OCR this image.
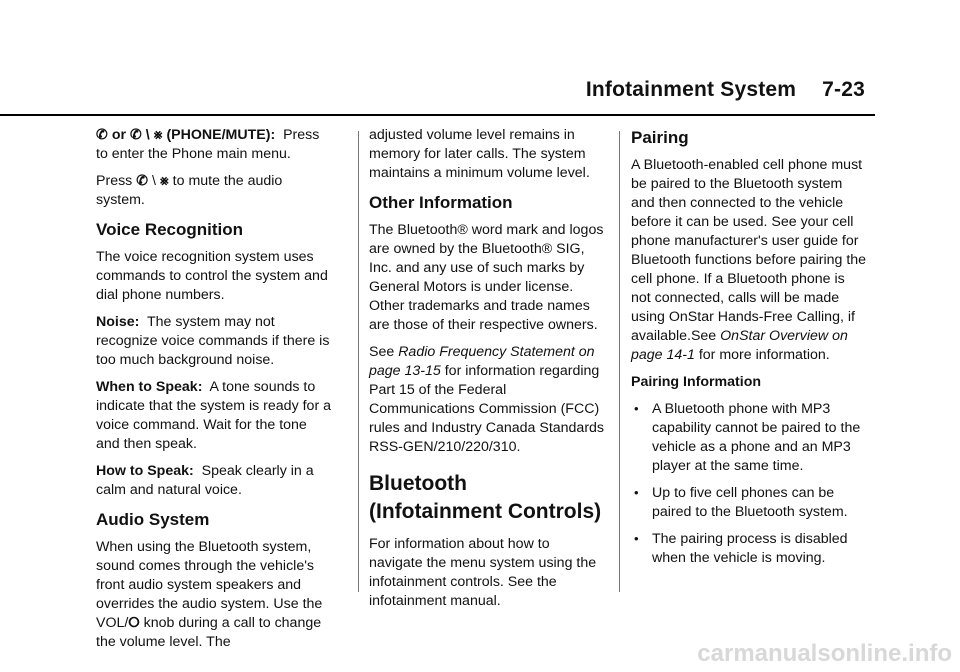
Infotainment System 7-23

✆ or ✆ \ ⨳ (PHONE/MUTE): Press to enter the Phone main menu.

Press ✆ \ ⨳ to mute the audio system.

Voice Recognition

The voice recognition system uses commands to control the system and dial phone numbers.

Noise: The system may not recognize voice commands if there is too much background noise.

When to Speak: A tone sounds to indicate that the system is ready for a voice command. Wait for the tone and then speak.

How to Speak: Speak clearly in a calm and natural voice.

Audio System

When using the Bluetooth system, sound comes through the vehicle's front audio system speakers and overrides the audio system. Use the VOL/⭘ knob during a call to change the volume level. The

adjusted volume level remains in memory for later calls. The system maintains a minimum volume level.

Other Information

The Bluetooth® word mark and logos are owned by the Bluetooth® SIG, Inc. and any use of such marks by General Motors is under license. Other trademarks and trade names are those of their respective owners.

See Radio Frequency Statement on page 13-15 for information regarding Part 15 of the Federal Communications Commission (FCC) rules and Industry Canada Standards RSS-GEN/210/220/310.

Bluetooth (Infotainment Controls)

For information about how to navigate the menu system using the infotainment controls. See the infotainment manual.

Pairing

A Bluetooth-enabled cell phone must be paired to the Bluetooth system and then connected to the vehicle before it can be used. See your cell phone manufacturer's user guide for Bluetooth functions before pairing the cell phone. If a Bluetooth phone is not connected, calls will be made using OnStar Hands-Free Calling, if available.See OnStar Overview on page 14-1 for more information.

Pairing Information

• A Bluetooth phone with MP3 capability cannot be paired to the vehicle as a phone and an MP3 player at the same time.
• Up to five cell phones can be paired to the Bluetooth system.
• The pairing process is disabled when the vehicle is moving.
carmanualsonline.info
